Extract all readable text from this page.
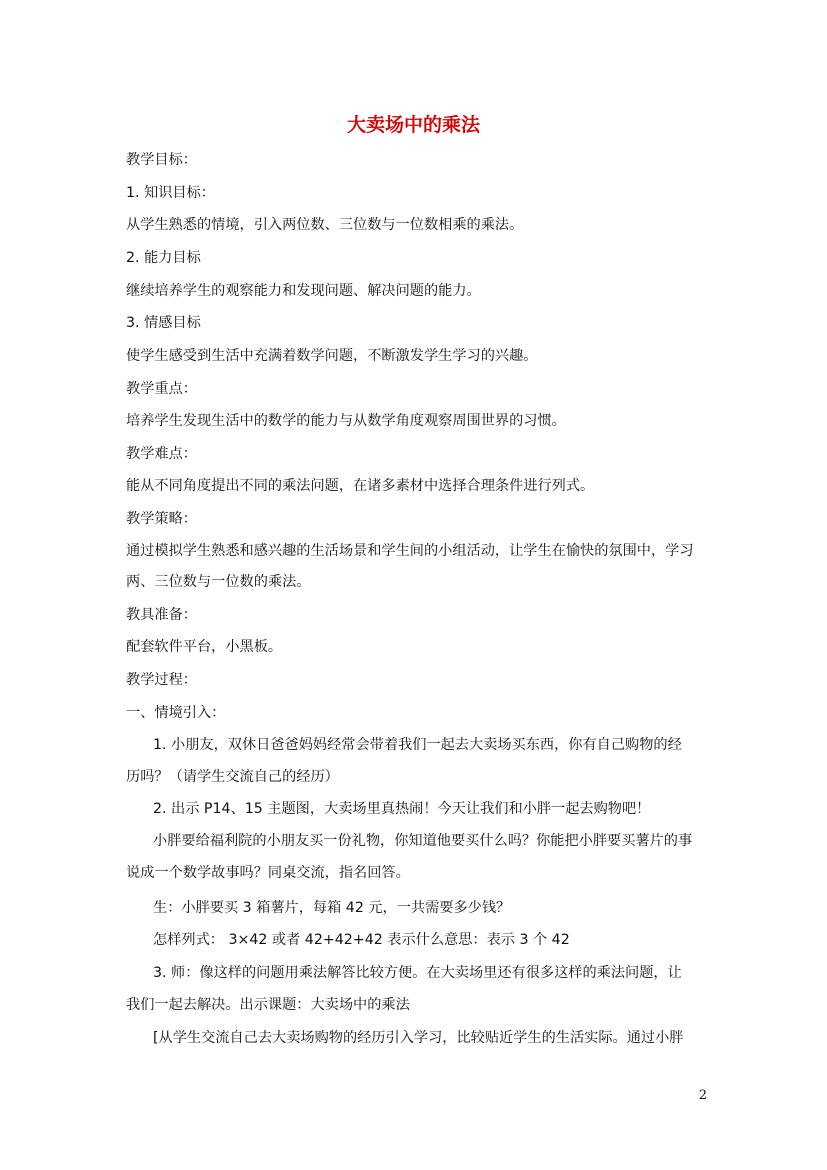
大卖场中的乘法
教学目标：
1. 知识目标：
从学生熟悉的情境，引入两位数、三位数与一位数相乘的乘法。
2. 能力目标
继续培养学生的观察能力和发现问题、解决问题的能力。
3. 情感目标
使学生感受到生活中充满着数学问题，不断激发学生学习的兴趣。
教学重点：
培养学生发现生活中的数学的能力与从数学角度观察周围世界的习惯。
教学难点：
能从不同角度提出不同的乘法问题，在诸多素材中选择合理条件进行列式。
教学策略：
通过模拟学生熟悉和感兴趣的生活场景和学生间的小组活动，让学生在愉快的氛围中，学习
两、三位数与一位数的乘法。
教具准备：
配套软件平台，小黑板。
教学过程：
一、情境引入：
1. 小朋友，双休日爸爸妈妈经常会带着我们一起去大卖场买东西，你有自己购物的经
历吗？（请学生交流自己的经历）
2. 出示 P14、15 主题图，大卖场里真热闹！今天让我们和小胖一起去购物吧！
小胖要给福利院的小朋友买一份礼物，你知道他要买什么吗？你能把小胖要买薯片的事
说成一个数学故事吗？同桌交流，指名回答。
生：小胖要买 3 箱薯片，每箱 42 元，一共需要多少钱？
怎样列式： 3×42 或者 42+42+42 表示什么意思：表示 3 个 42
3. 师：像这样的问题用乘法解答比较方便。在大卖场里还有很多这样的乘法问题，让
我们一起去解决。出示课题：大卖场中的乘法
[从学生交流自己去大卖场购物的经历引入学习，比较贴近学生的生活实际。通过小胖
2
